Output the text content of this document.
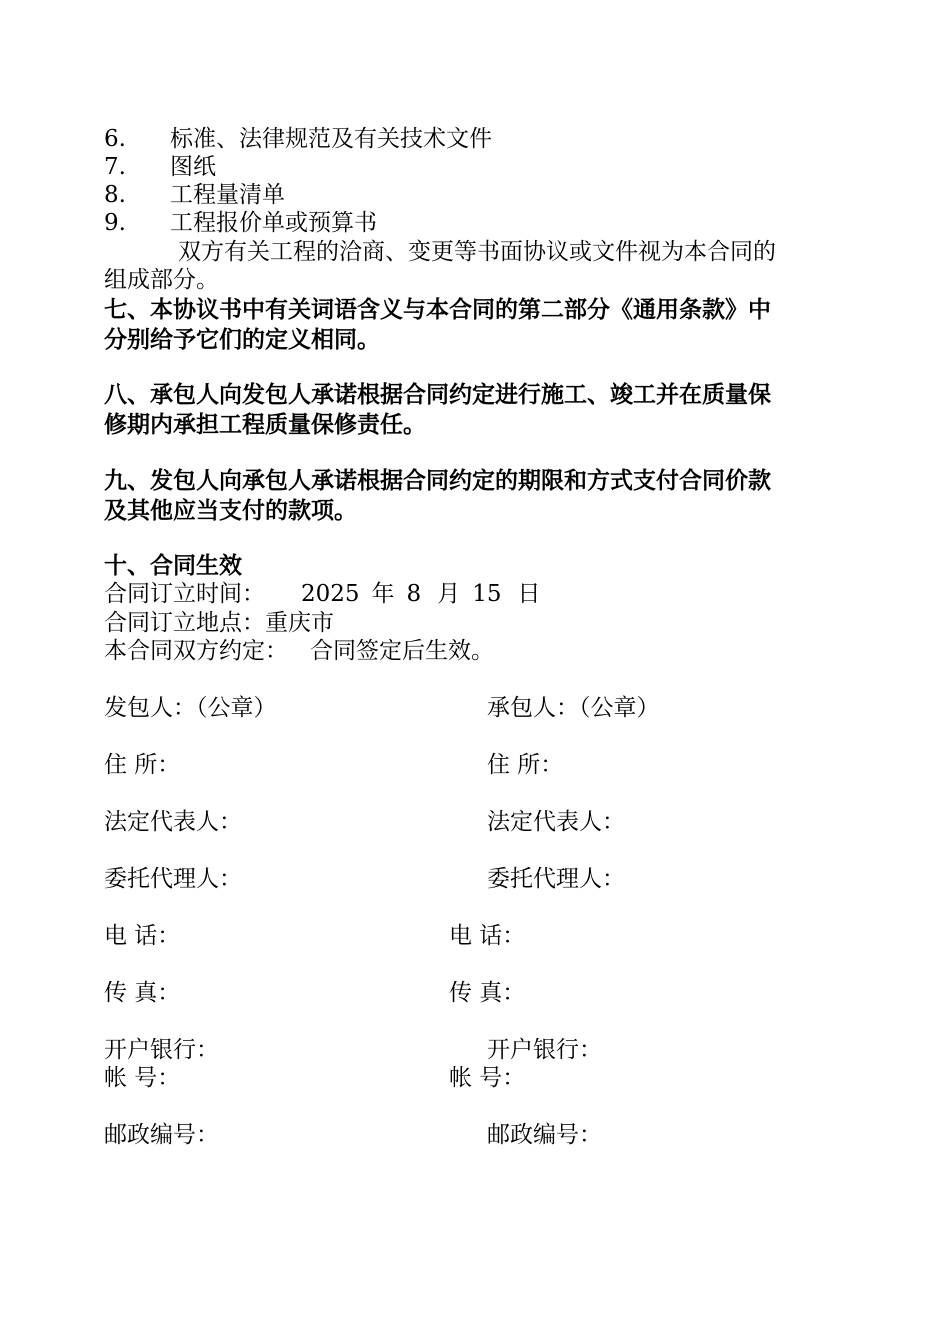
6. 标准、法律规范及有关技术文件
7. 图纸
8. 工程量清单
9. 工程报价单或预算书
双方有关工程的洽商、变更等书面协议或文件视为本合同的
组成部分。
七、本协议书中有关词语含义与本合同的第二部分《通用条款》中
分别给予它们的定义相同。
八、承包人向发包人承诺根据合同约定进行施工、竣工并在质量保
修期内承担工程质量保修责任。
九、发包人向承包人承诺根据合同约定的期限和方式支付合同价款
及其他应当支付的款项。
十、合同生效
合同订立时间： 2025 年 8 月 15 日
合同订立地点：重庆市
本合同双方约定： 合同签定后生效。
发包人：（公章）
住 所：
法定代表人：
委托代理人：
电 话：
传 真：
开户银行：
帐 号：
邮政编号：
承包人：（公章）
住 所：
法定代表人：
委托代理人：
电 话：
传 真：
开户银行：
帐 号：
邮政编号：
